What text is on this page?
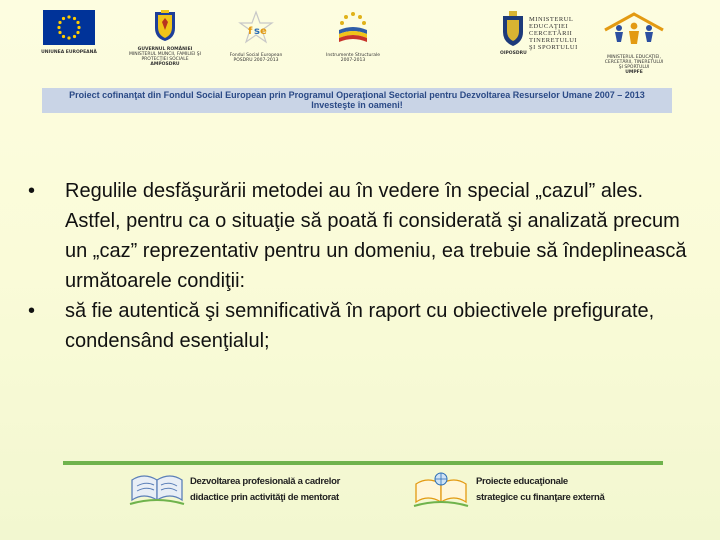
UNIUNEA EUROPEANĂ
GUVERNUL ROMÂNIEI
MINISTERUL MUNCII, FAMILIEI ŞI
PROTECŢIEI SOCIALE
AMPOSDRU
f s e
Fondul Social European
POSDRU 2007-2013
Instrumente Structurale
2007-2013
MINISTERUL
EDUCAŢIEI
CERCETĂRII
TINERETULUI
ŞI SPORTULUI
OIPOSDRU
MINISTERUL EDUCAŢIEI,
CERCETĂRII, TINERETULUI
ŞI SPORTULUI
UMPFE
Proiect cofinanţat din Fondul Social European prin Programul Operaţional Sectorial pentru Dezvoltarea Resurselor Umane 2007 – 2013
Investeşte în oameni!
• Regulile desfăşurării metodei au în vedere în special „cazul” ales. Astfel, pentru ca o situaţie să poată fi considerată şi analizată precum un „caz” reprezentativ pentru un domeniu, ea trebuie să îndeplinească următoarele condiţii:
• să fie autentică şi semnificativă în raport cu obiectivele prefigurate, condensând esenţialul;
Dezvoltarea profesională a cadrelor
didactice prin activităţi de mentorat
Proiecte educaţionale
strategice cu finanţare externă
